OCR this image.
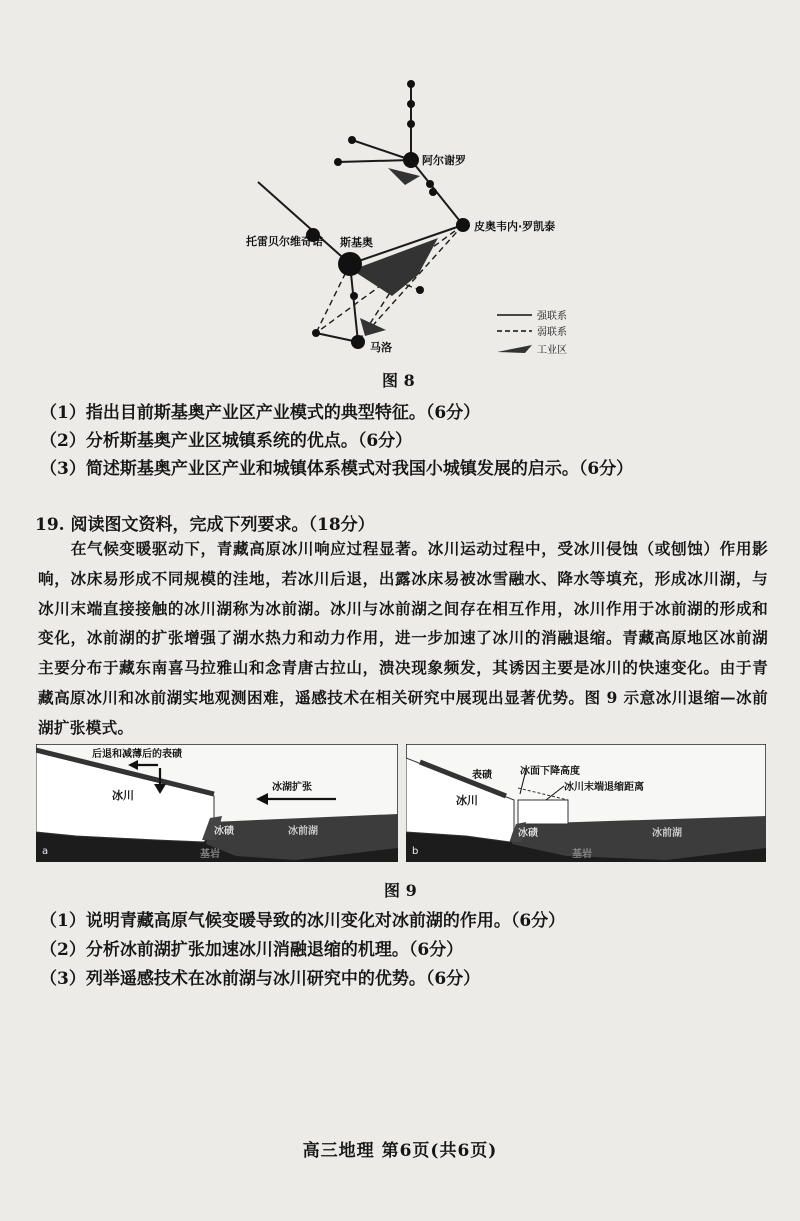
阿尔谢罗
皮奥韦内·罗凯泰
托雷贝尔维奇诺 斯基奥
马洛
强联系
弱联系
工业区
图 8
（1）指出目前斯基奥产业区产业模式的典型特征。（6分）
（2）分析斯基奥产业区城镇系统的优点。（6分）
（3）简述斯基奥产业区产业和城镇体系模式对我国小城镇发展的启示。（6分）
19. 阅读图文资料，完成下列要求。（18分）
在气候变暖驱动下，青藏高原冰川响应过程显著。冰川运动过程中，受冰川侵蚀（或刨蚀）作用影响，冰床易形成不同规模的洼地，若冰川后退，出露冰床易被冰雪融水、降水等填充，形成冰川湖，与冰川末端直接接触的冰川湖称为冰前湖。冰川与冰前湖之间存在相互作用，冰川作用于冰前湖的形成和变化，冰前湖的扩张增强了湖水热力和动力作用，进一步加速了冰川的消融退缩。青藏高原地区冰前湖主要分布于藏东南喜马拉雅山和念青唐古拉山，溃决现象频发，其诱因主要是冰川的快速变化。由于青藏高原冰川和冰前湖实地观测困难，遥感技术在相关研究中展现出显著优势。图 9 示意冰川退缩—冰前湖扩张模式。
后退和减薄后的表碛
冰川
冰湖扩张
冰碛	冰前湖
基岩
a
表碛
冰川
冰面下降高度
冰川末端退缩距离
冰碛	冰前湖
基岩
b
图 9
（1）说明青藏高原气候变暖导致的冰川变化对冰前湖的作用。（6分）
（2）分析冰前湖扩张加速冰川消融退缩的机理。（6分）
（3）列举遥感技术在冰前湖与冰川研究中的优势。（6分）
高三地理 第6页(共6页)
